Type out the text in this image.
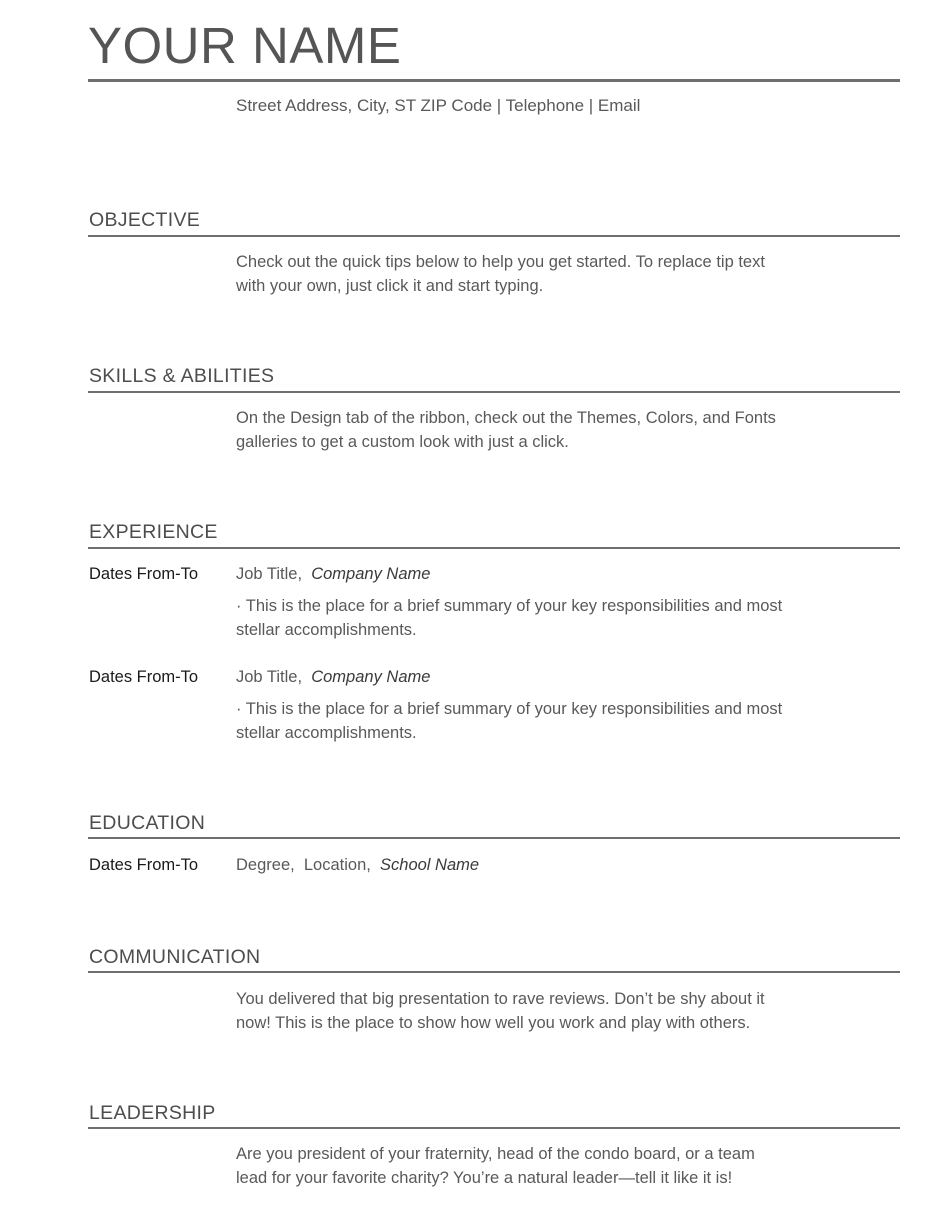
YOUR NAME
Street Address, City, ST ZIP Code | Telephone | Email
OBJECTIVE
Check out the quick tips below to help you get started. To replace tip text
with your own, just click it and start typing.
SKILLS & ABILITIES
On the Design tab of the ribbon, check out the Themes, Colors, and Fonts
galleries to get a custom look with just a click.
EXPERIENCE
Dates From-To Job Title, Company Name
· This is the place for a brief summary of your key responsibilities and most
stellar accomplishments.
Dates From-To Job Title, Company Name
· This is the place for a brief summary of your key responsibilities and most
stellar accomplishments.
EDUCATION
Dates From-To Degree, Location, School Name
COMMUNICATION
You delivered that big presentation to rave reviews. Don’t be shy about it
now! This is the place to show how well you work and play with others.
LEADERSHIP
Are you president of your fraternity, head of the condo board, or a team
lead for your favorite charity? You’re a natural leader—tell it like it is!
